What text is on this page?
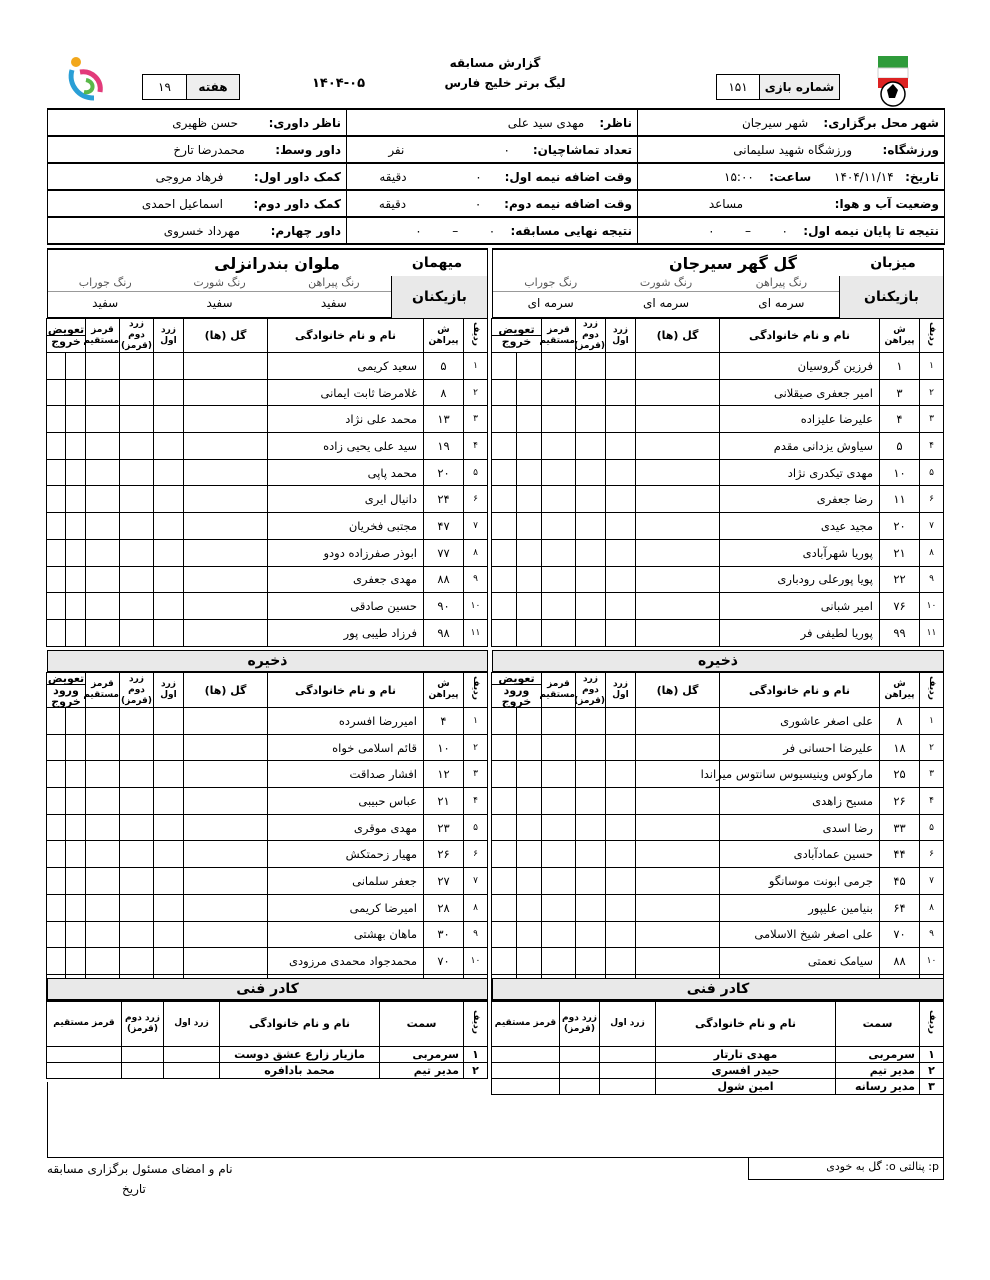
گزارش مسابقه
لیگ برتر خلیج فارس
۱۴۰۴-۰۵
هفته
۱۹	شماره بازی
۱۵۱
شهر محل برگزاری:    شهر سیرجان	ناظر:    مهدی سید علی	ناظر داوری:        حسن ظهیری
ورزشگاه:        ورزشگاه شهید سلیمانی	تعداد تماشاچیان:      ۰                          نفر	داور وسط:        محمدرضا تارخ
تاریخ:   ۱۴۰۴/۱۱/۱۴      ساعت:    ۱۵:۰۰	وقت اضافه نیمه اول:      ۰                  دقیقه	کمک داور اول:        فرهاد مروجی
وضعیت آب و هوا:                        مساعد	وقت اضافه نیمه دوم:      ۰                  دقیقه	کمک داور دوم:        اسماعیل احمدی
نتیجه تا پایان نیمه اول:    ۰        –        ۰	نتیجه نهایی مسابقه:    ۰        –        ۰	داور چهارم:        مهرداد خسروی
میزبان
گل گهر سیرجان
بازیکنان
رنگ پیراهن
رنگ شورت
رنگ جوراب
سرمه ای
سرمه ای
سرمه ای
میهمان
ملوان بندرانزلی
بازیکنان
رنگ پیراهن
رنگ شورت
رنگ جوراب
سفید
سفید
سفید
ردیف	ش پیراهن	نام و نام خانوادگی	گل (ها)	زرد اول	زرد دوم (قرمز)	قرمز مستقیم	تعویض
خروج	

۱	۱	فرزین گروسیان						
۲	۳	امیر جعفری صیقلانی						
۳	۴	علیرضا علیزاده						
۴	۵	سیاوش یزدانی مقدم						
۵	۱۰	مهدی تیکدری نژاد						
۶	۱۱	رضا جعفری						
۷	۲۰	مجید عیدی						
۸	۲۱	پوریا شهرآبادی						
۹	۲۲	پویا پورعلی رودباری						
۱۰	۷۶	امیر شبانی						
۱۱	۹۹	پوریا لطیفی فر						
ردیف	ش پیراهن	نام و نام خانوادگی	گل (ها)	زرد اول	زرد دوم (قرمز)	قرمز مستقیم	تعویض
خروج	

۱	۵	سعید کریمی						
۲	۸	غلامرضا ثابت ایمانی						
۳	۱۳	محمد علی نژاد						
۴	۱۹	سید علی یحیی زاده						
۵	۲۰	محمد پاپی						
۶	۲۴	دانیال ایری						
۷	۴۷	مجتبی فخریان						
۸	۷۷	ابوذر صفرزاده دودو						
۹	۸۸	مهدی جعفری						
۱۰	۹۰	حسین صادقی						
۱۱	۹۸	فرزاد طیبی پور						
ذخیره
ذخیره
ردیف	ش پیراهن	نام و نام خانوادگی	گل (ها)	زرد اول	زرد دوم (قرمز)	قرمز مستقیم	تعویض
ورود خروج	

۱	۸	علی اصغر عاشوری						
۲	۱۸	علیرضا احسانی فر						
۳	۲۵	مارکوس وینیسیوس سانتوس میراندا						
۴	۲۶	مسیح زاهدی						
۵	۳۳	رضا اسدی						
۶	۴۴	حسین عمادآبادی						
۷	۴۵	جرمی ابونت موسانگو						
۸	۶۴	بنیامین علیپور						
۹	۷۰	علی اصغر شیخ الاسلامی						
۱۰	۸۸	سیامک نعمتی						

ردیف	ش پیراهن	نام و نام خانوادگی	گل (ها)	زرد اول	زرد دوم (قرمز)	قرمز مستقیم	تعویض
ورود خروج	

۱	۴	امیررضا افسرده						
۲	۱۰	قائم اسلامی خواه						
۳	۱۲	افشار صداقت						
۴	۲۱	عباس حبیبی						
۵	۲۳	مهدی موقری						
۶	۲۶	مهیار زحمتکش						
۷	۲۷	جعفر سلمانی						
۸	۲۸	امیرضا کریمی						
۹	۳۰	ماهان بهشتی						
۱۰	۷۰	محمدجواد محمدی مرزودی						

کادر فنی
کادر فنی
ردیف	سمت	نام و نام خانوادگی	زرد اول	زرد دوم (قرمز)	قرمز مستقیم
۱	سرمربی	مهدی تارتار			
۲	مدیر تیم	حیدر افسری			
۳	مدیر رسانه	امین شول			
ردیف	سمت	نام و نام خانوادگی	زرد اول	زرد دوم (قرمز)	قرمز مستقیم
۱	سرمربی	مازیار زارع عشق دوست			
۲	مدیر تیم	محمد بادافره			
p: پنالتی o: گل به خودی
نام و امضای مسئول برگزاری مسابقه
تاریخ
